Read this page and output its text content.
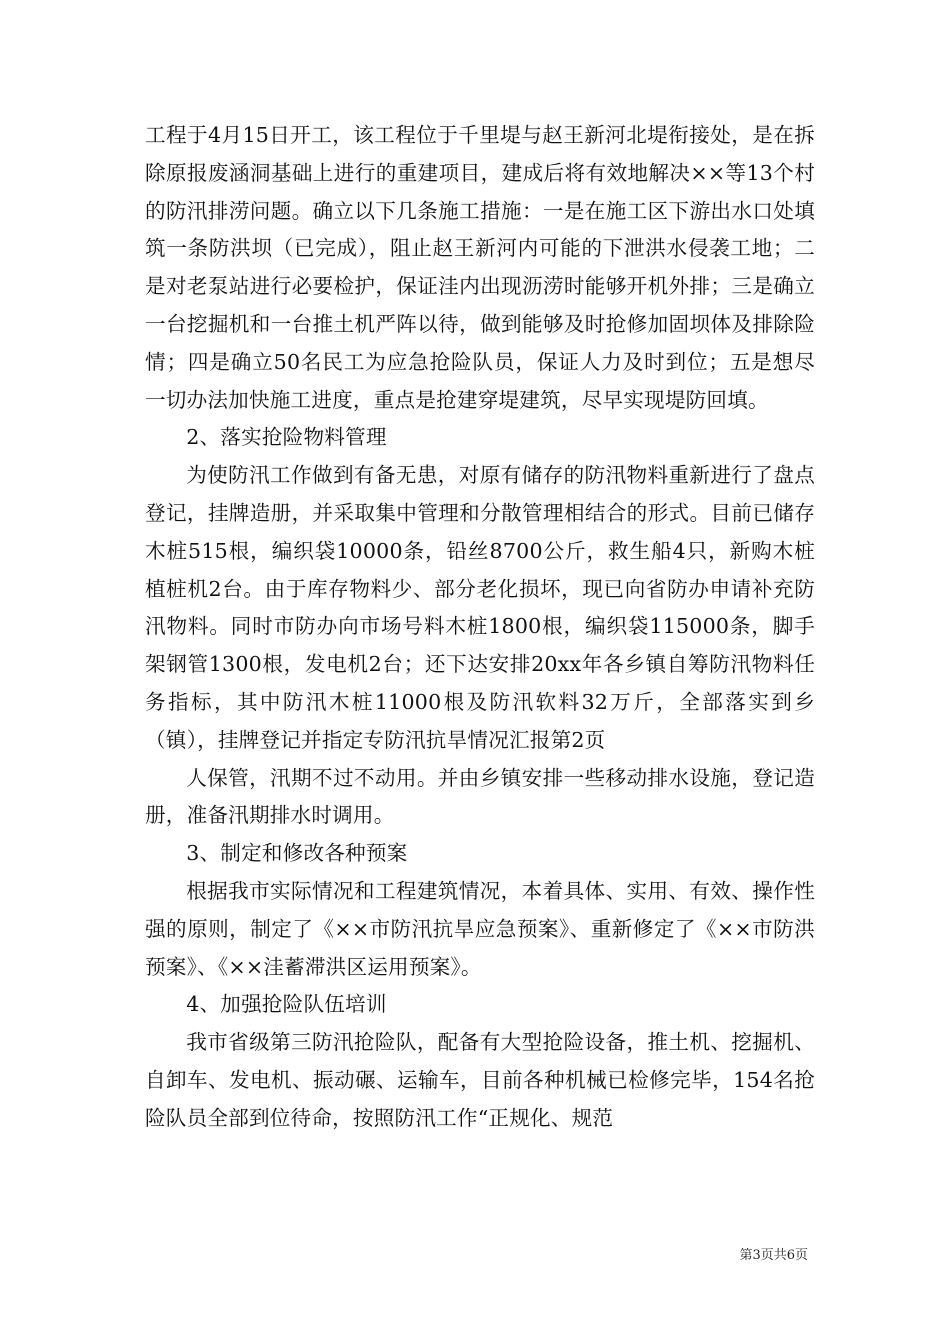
工程于4月15日开工，该工程位于千里堤与赵王新河北堤衔接处，是在拆除原报废涵洞基础上进行的重建项目，建成后将有效地解决××等13个村的防汛排涝问题。确立以下几条施工措施：一是在施工区下游出水口处填筑一条防洪坝（已完成），阻止赵王新河内可能的下泄洪水侵袭工地；二是对老泵站进行必要检护，保证洼内出现沥涝时能够开机外排；三是确立一台挖掘机和一台推土机严阵以待，做到能够及时抢修加固坝体及排除险情；四是确立50名民工为应急抢险队员，保证人力及时到位；五是想尽一切办法加快施工进度，重点是抢建穿堤建筑，尽早实现堤防回填。

2、落实抢险物料管理

为使防汛工作做到有备无患，对原有储存的防汛物料重新进行了盘点登记，挂牌造册，并采取集中管理和分散管理相结合的形式。目前已储存木桩515根，编织袋10000条，铅丝8700公斤，救生船4只，新购木桩植桩机2台。由于库存物料少、部分老化损坏，现已向省防办申请补充防汛物料。同时市防办向市场号料木桩1800根，编织袋115000条，脚手架钢管1300根，发电机2台；还下达安排20xx年各乡镇自筹防汛物料任务指标，其中防汛木桩11000根及防汛软料32万斤，全部落实到乡（镇），挂牌登记并指定专防汛抗旱情况汇报第2页

人保管，汛期不过不动用。并由乡镇安排一些移动排水设施，登记造册，准备汛期排水时调用。

3、制定和修改各种预案

根据我市实际情况和工程建筑情况，本着具体、实用、有效、操作性强的原则，制定了《××市防汛抗旱应急预案》、重新修定了《××市防洪预案》、《××洼蓄滞洪区运用预案》。

4、加强抢险队伍培训

我市省级第三防汛抢险队，配备有大型抢险设备，推土机、挖掘机、自卸车、发电机、振动碾、运输车，目前各种机械已检修完毕，154名抢险队员全部到位待命，按照防汛工作“正规化、规范

第3页共6页
